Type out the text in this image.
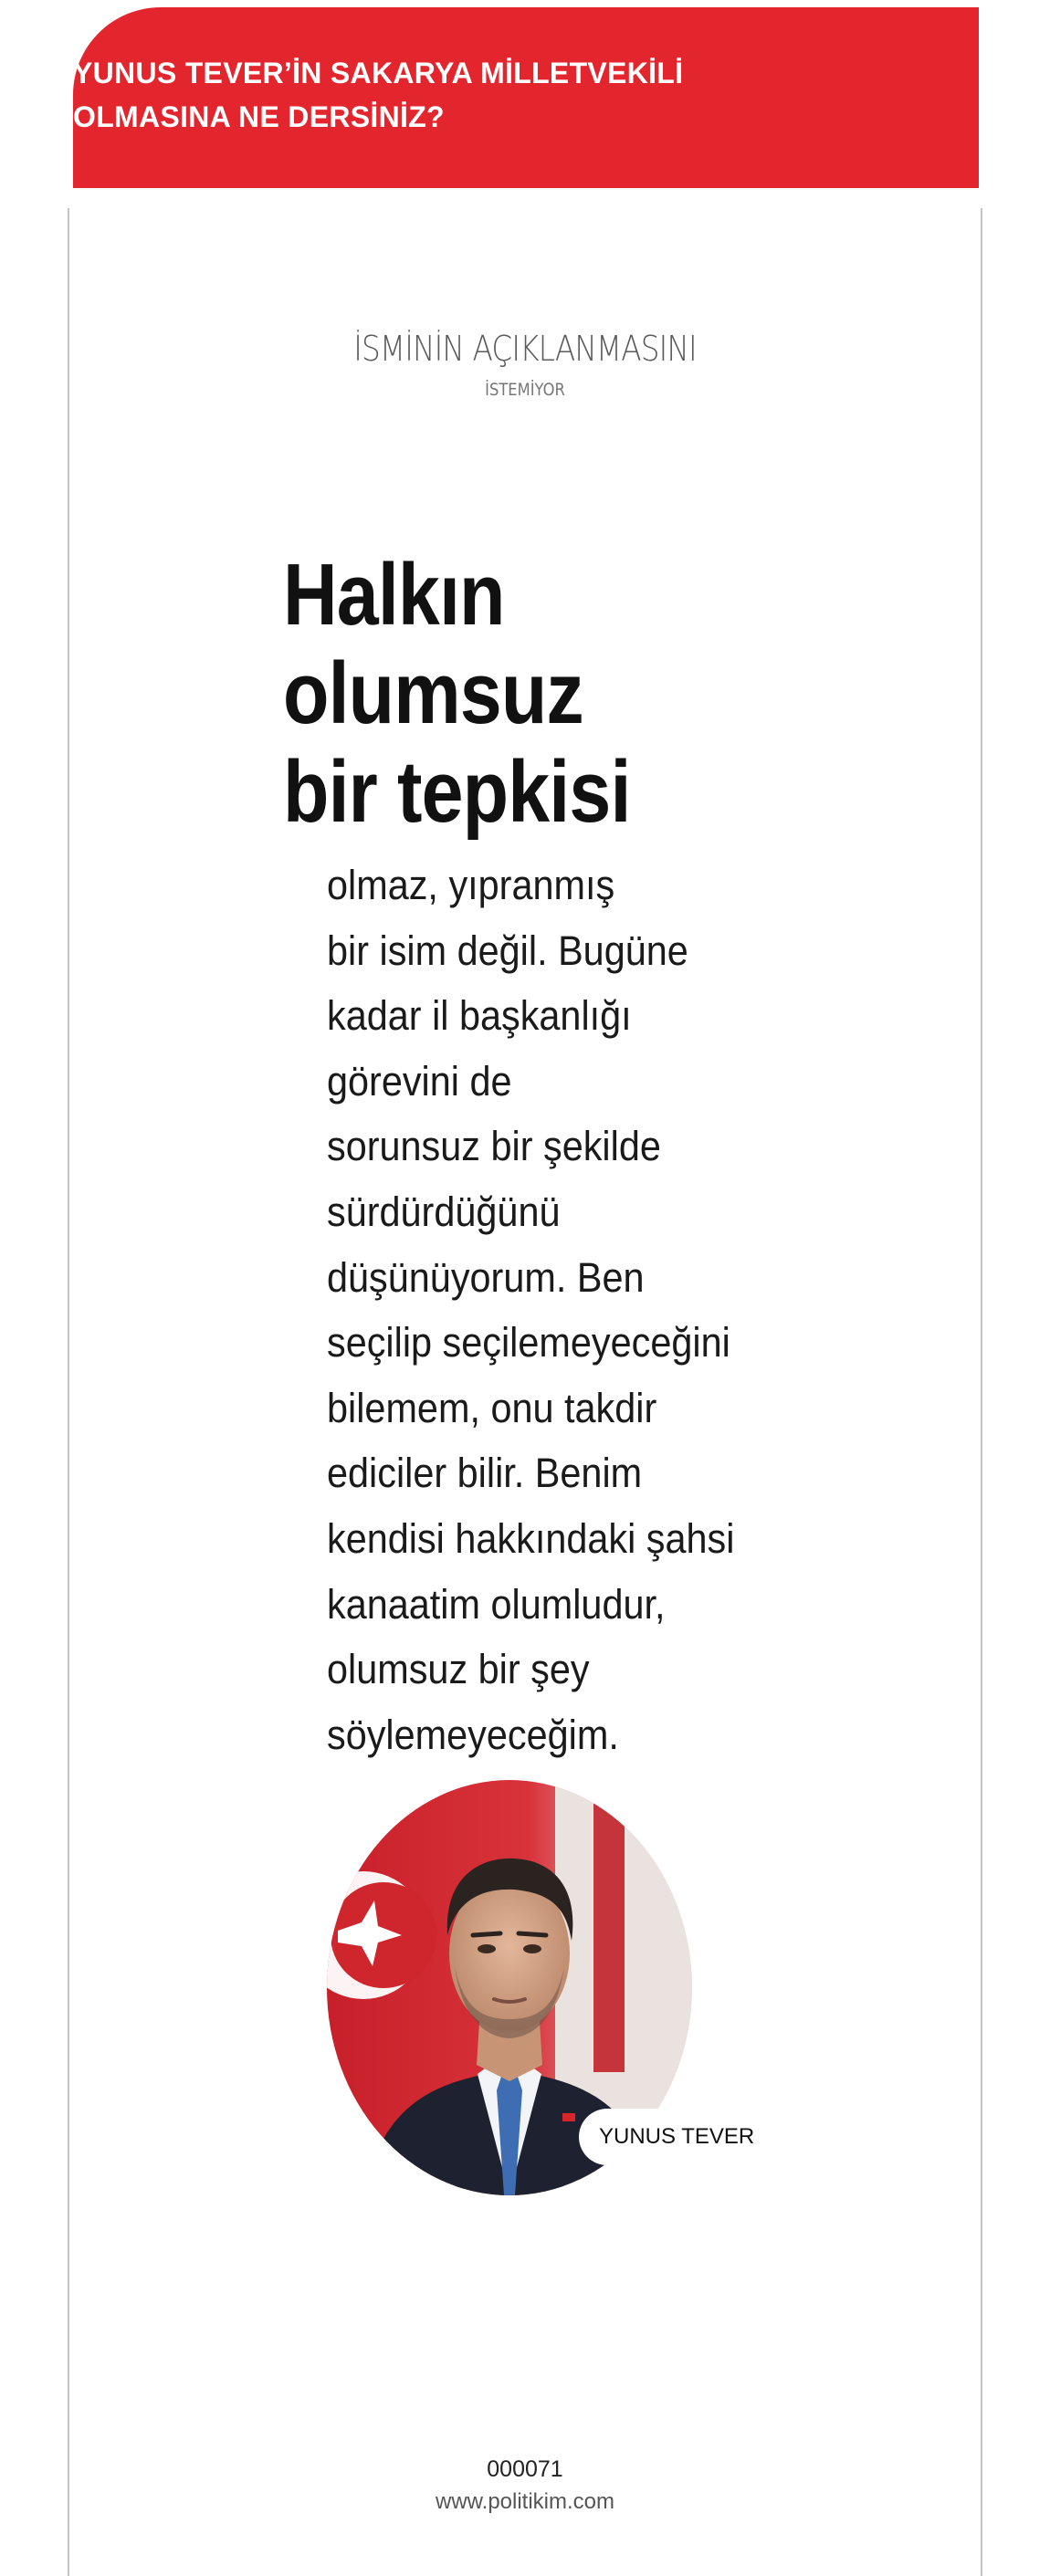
YUNUS TEVER’İN SAKARYA MİLLETVEKİLİ
OLMASINA NE DERSİNİZ?
İSMİNİN AÇIKLANMASINI
İSTEMİYOR
Halkın
olumsuz
bir tepkisi
olmaz, yıpranmış
bir isim değil. Bugüne
kadar il başkanlığı
görevini de
sorunsuz bir şekilde
sürdürdüğünü
düşünüyorum. Ben
seçilip seçilemeyeceğini
bilemem, onu takdir
ediciler bilir. Benim
kendisi hakkındaki şahsi
kanaatim olumludur,
olumsuz bir şey
söylemeyeceğim.
YUNUS TEVER
000071
www.politikim.com
